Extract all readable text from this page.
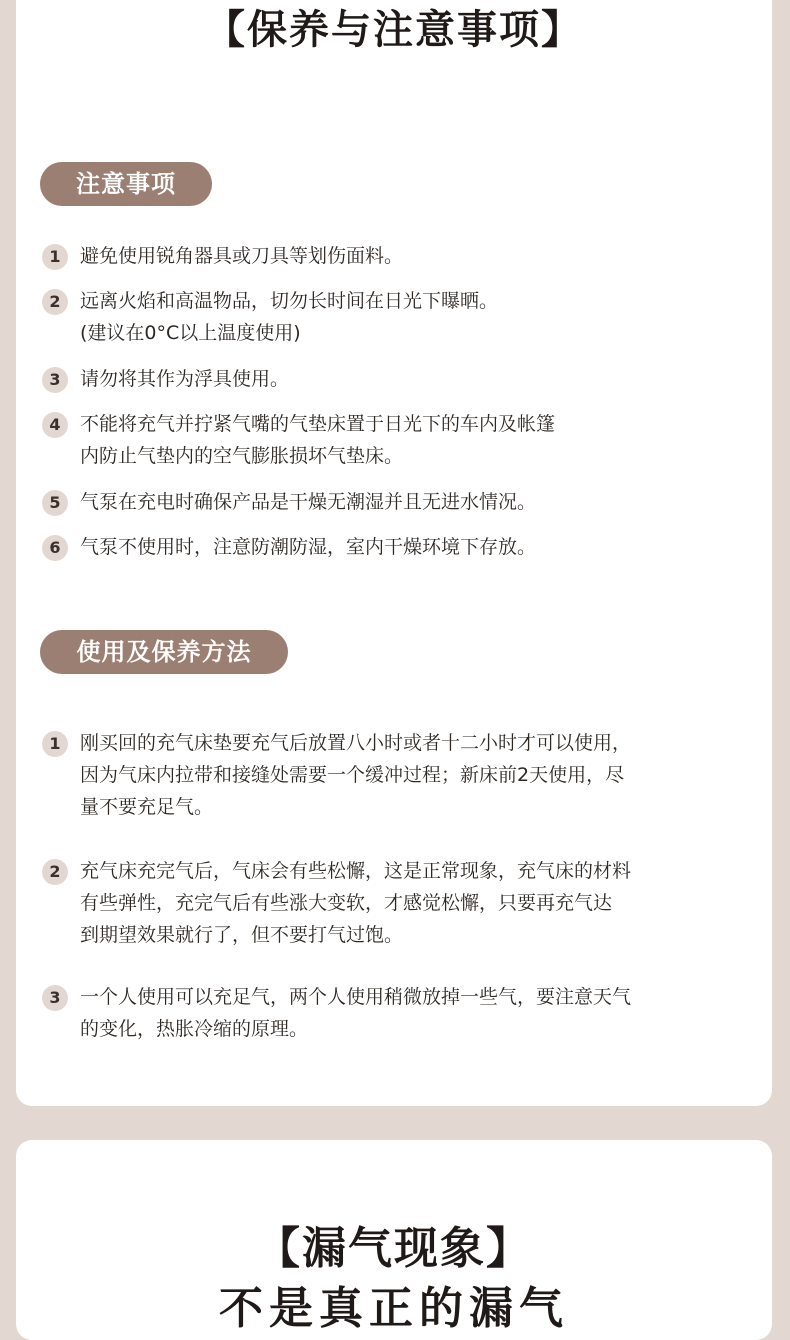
【保养与注意事项】
注意事项
1	避免使用锐角器具或刀具等划伤面料。
2	远离火焰和高温物品，切勿长时间在日光下曝晒。
(建议在0°C以上温度使用)
3	请勿将其作为浮具使用。
4	不能将充气并拧紧气嘴的气垫床置于日光下的车内及帐篷
内防止气垫内的空气膨胀损坏气垫床。
5	气泵在充电时确保产品是干燥无潮湿并且无进水情况。
6	气泵不使用时，注意防潮防湿，室内干燥环境下存放。
使用及保养方法
1	刚买回的充气床垫要充气后放置八小时或者十二小时才可以使用，
因为气床内拉带和接缝处需要一个缓冲过程；新床前2天使用，尽
量不要充足气。
2	充气床充完气后，气床会有些松懈，这是正常现象，充气床的材料
有些弹性，充完气后有些涨大变软，才感觉松懈，只要再充气达
到期望效果就行了，但不要打气过饱。
3	一个人使用可以充足气，两个人使用稍微放掉一些气，要注意天气
的变化，热胀冷缩的原理。
【漏气现象】
不是真正的漏气
